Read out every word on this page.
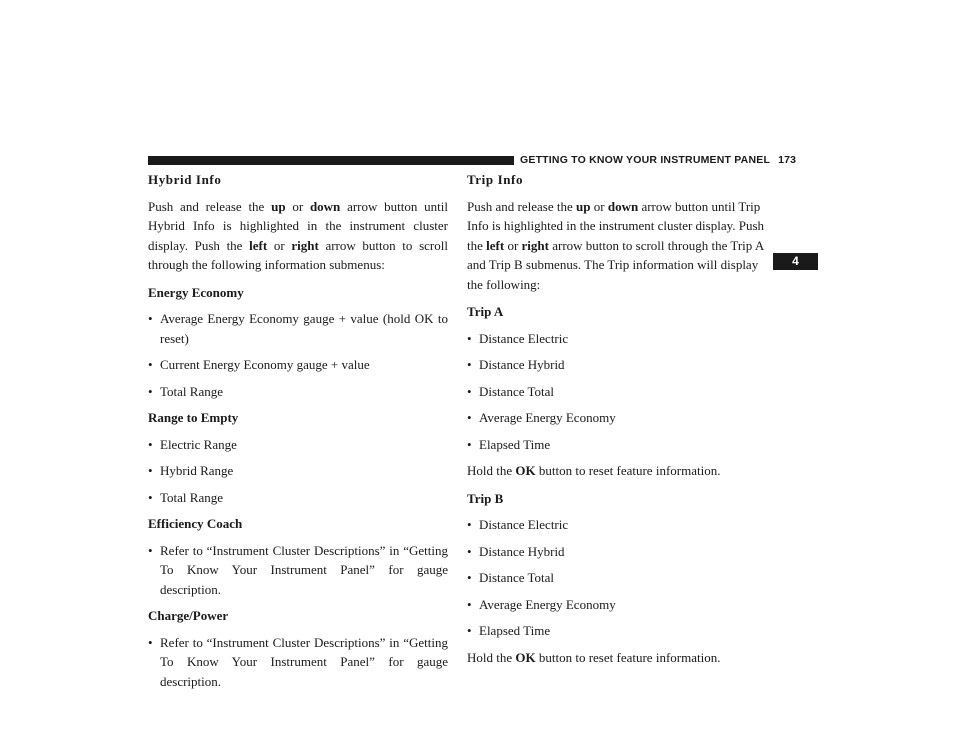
GETTING TO KNOW YOUR INSTRUMENT PANEL 173
4
Hybrid Info

Push and release the up or down arrow button until Hybrid Info is highlighted in the instrument cluster display. Push the left or right arrow button to scroll through the following information submenus:

Energy Economy
• Average Energy Economy gauge + value (hold OK to reset)
• Current Energy Economy gauge + value
• Total Range
Range to Empty
• Electric Range
• Hybrid Range
• Total Range
Efficiency Coach
• Refer to “Instrument Cluster Descriptions” in “Getting To Know Your Instrument Panel” for gauge description.
Charge/Power
• Refer to “Instrument Cluster Descriptions” in “Getting To Know Your Instrument Panel” for gauge description.
Trip Info

Push and release the up or down arrow button until Trip Info is highlighted in the instrument cluster display. Push the left or right arrow button to scroll through the Trip A and Trip B submenus. The Trip information will display the following:

Trip A
• Distance Electric
• Distance Hybrid
• Distance Total
• Average Energy Economy
• Elapsed Time

Hold the OK button to reset feature information.

Trip B
• Distance Electric
• Distance Hybrid
• Distance Total
• Average Energy Economy
• Elapsed Time

Hold the OK button to reset feature information.
